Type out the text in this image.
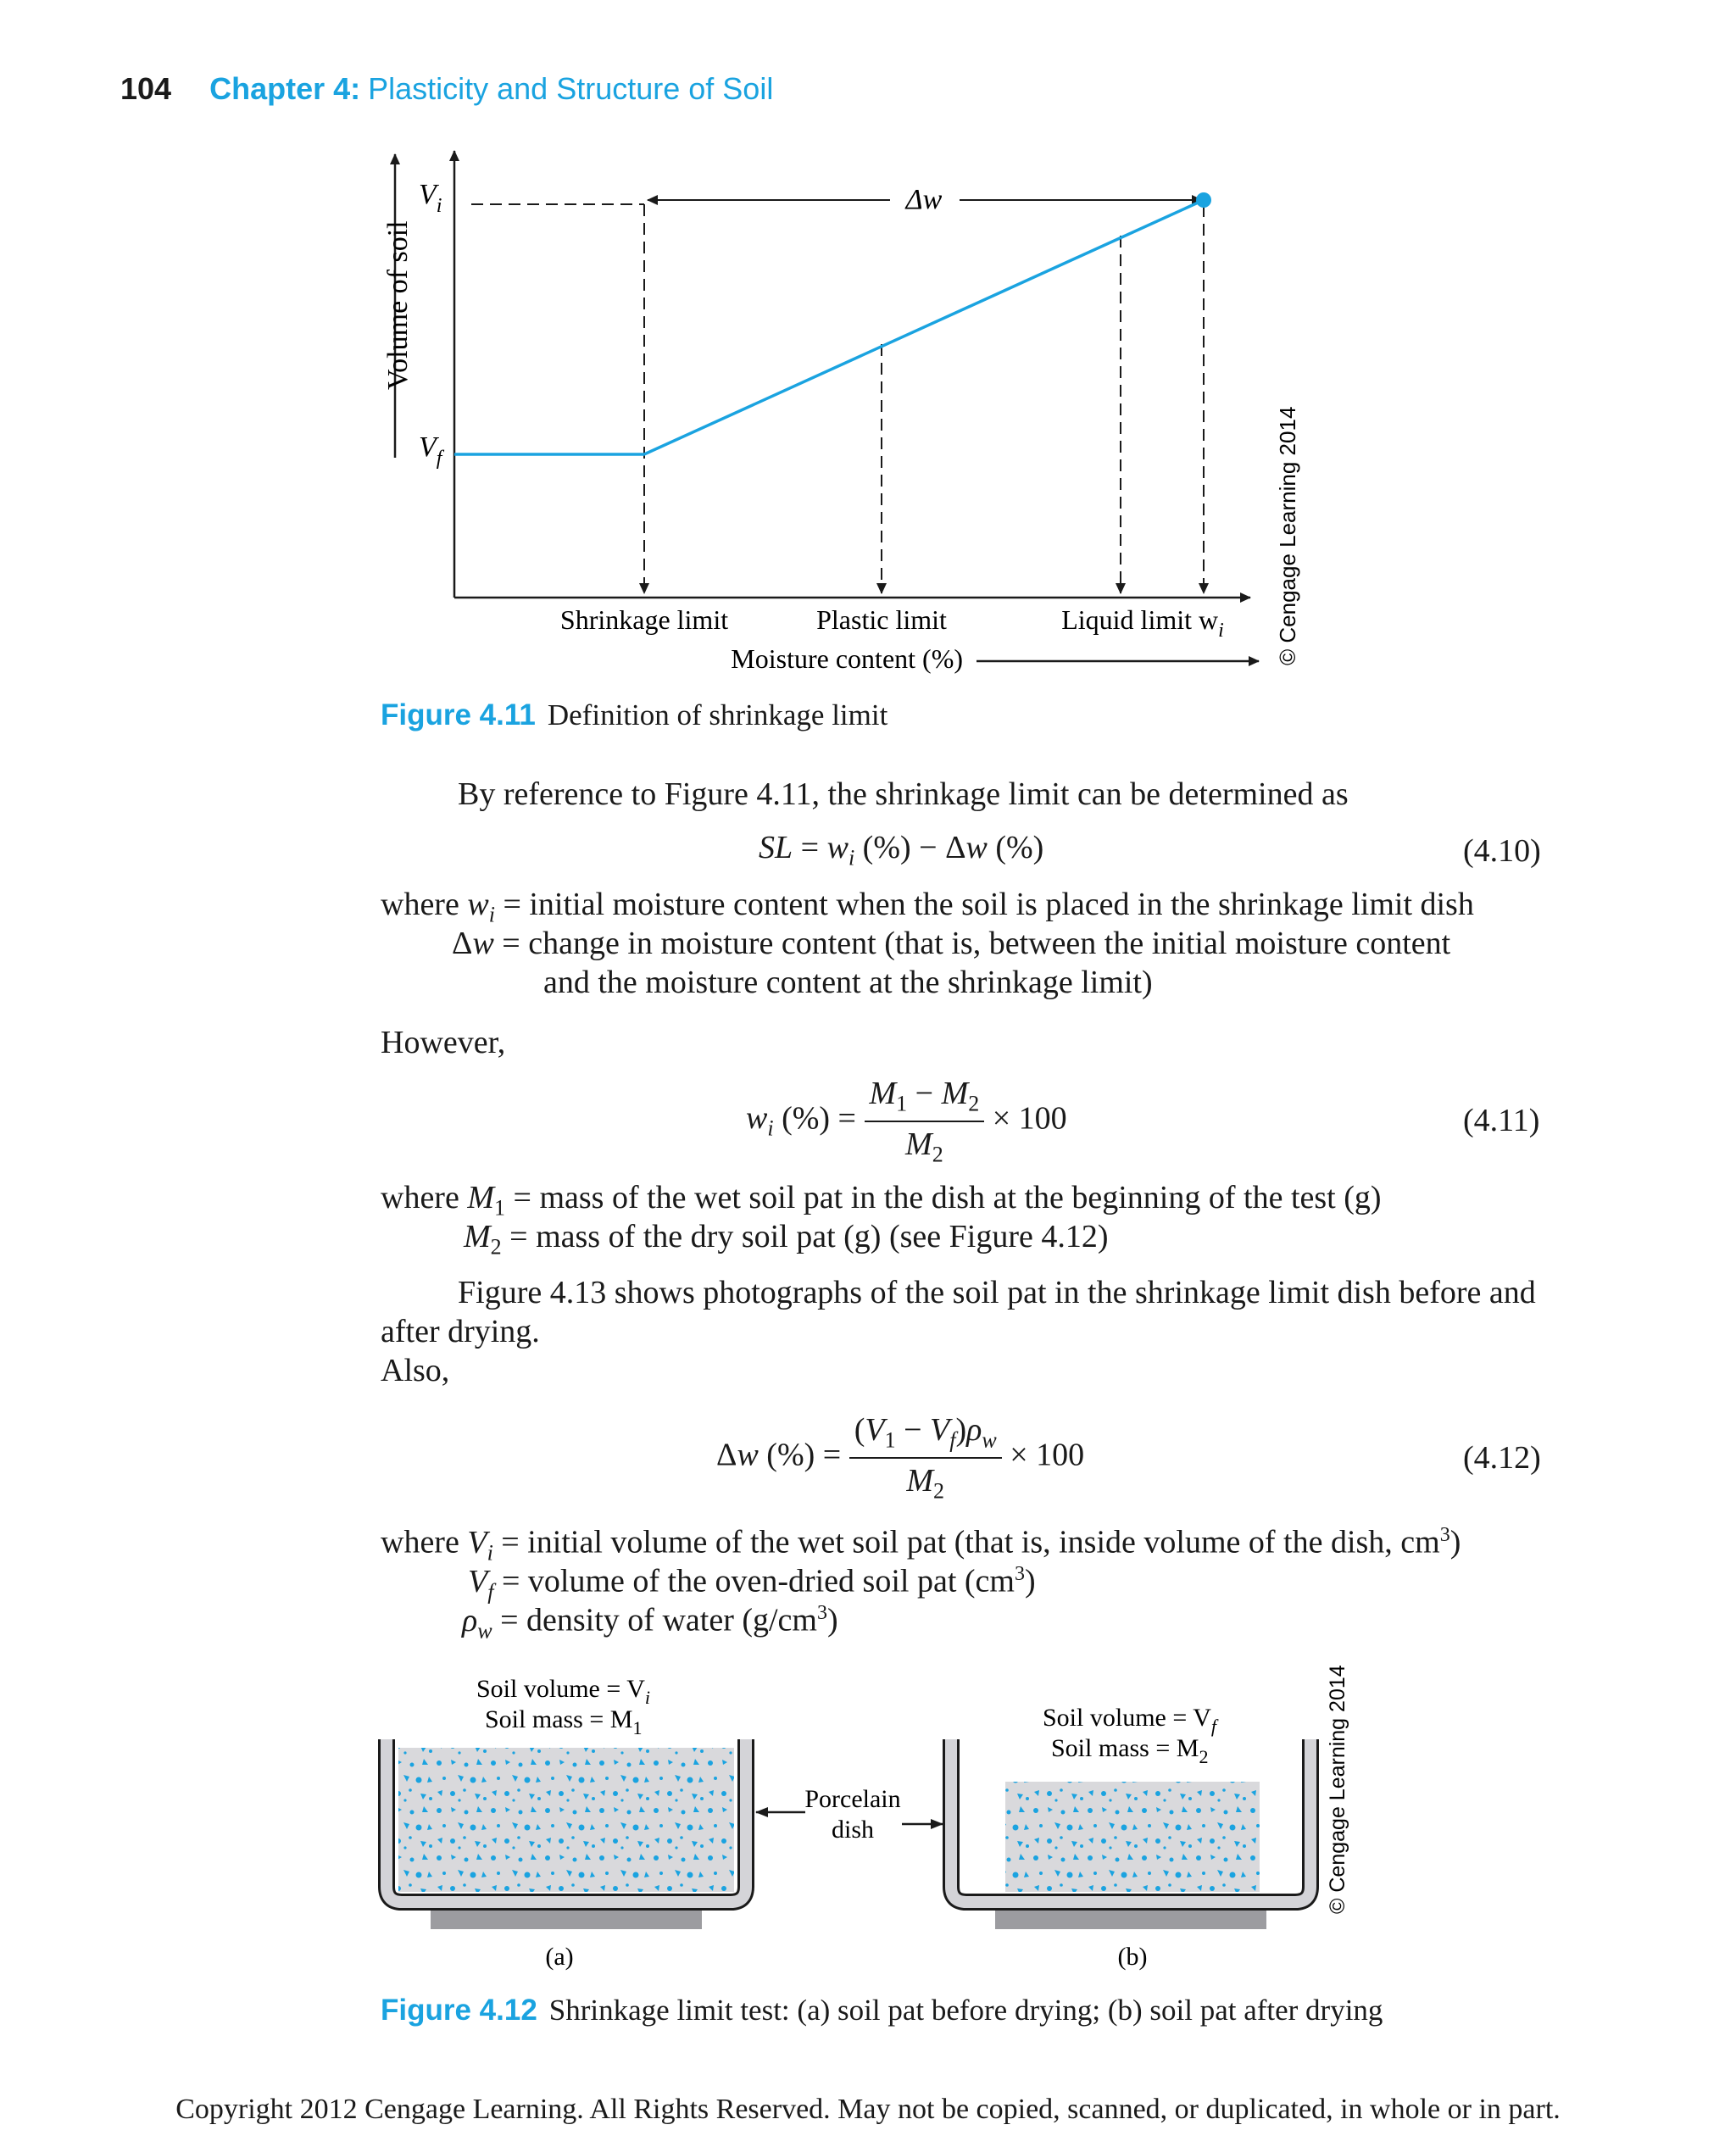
104 Chapter 4: Plasticity and Structure of Soil
Volume of soil
$V_i$
$V_f$
Δw
Shrinkage limit	Plastic limit	Liquid limit $w_i$
Moisture content (%)	© Cengage Learning 2014
Figure 4.11 Definition of shrinkage limit
By reference to Figure 4.11, the shrinkage limit can be determined as
SL = $w_i$ (%) − Δw (%)	(4.10)
where $w_i$ = initial moisture content when the soil is placed in the shrinkage limit dish
Δw = change in moisture content (that is, between the initial moisture content
and the moisture content at the shrinkage limit)
However,
$w_i$ (%) = $\frac{M_1 - M_2}{M_2} \times 100$	(4.11)
where $M_1$ = mass of the wet soil pat in the dish at the beginning of the test (g)
$M_2$ = mass of the dry soil pat (g) (see Figure 4.12)
Figure 4.13 shows photographs of the soil pat in the shrinkage limit dish before and
after drying.
Also,
Δw (%) = $\frac{(V_1 - V_f)\rho_w}{M_2} \times 100$	(4.12)
where $V_i$ = initial volume of the wet soil pat (that is, inside volume of the dish, $cm^3$)
$V_f$ = volume of the oven-dried soil pat $(cm^3)$
$\rho_w$ = density of water $(g/cm^3)$
Soil volume = $V_i$
Soil mass = $M_1$	Soil volume = $V_f$
Soil mass = $M_2$
Porcelain
dish
(a)	(b)
© Cengage Learning 2014
Figure 4.12 Shrinkage limit test: (a) soil pat before drying; (b) soil pat after drying
Copyright 2012 Cengage Learning. All Rights Reserved. May not be copied, scanned, or duplicated, in whole or in part.
